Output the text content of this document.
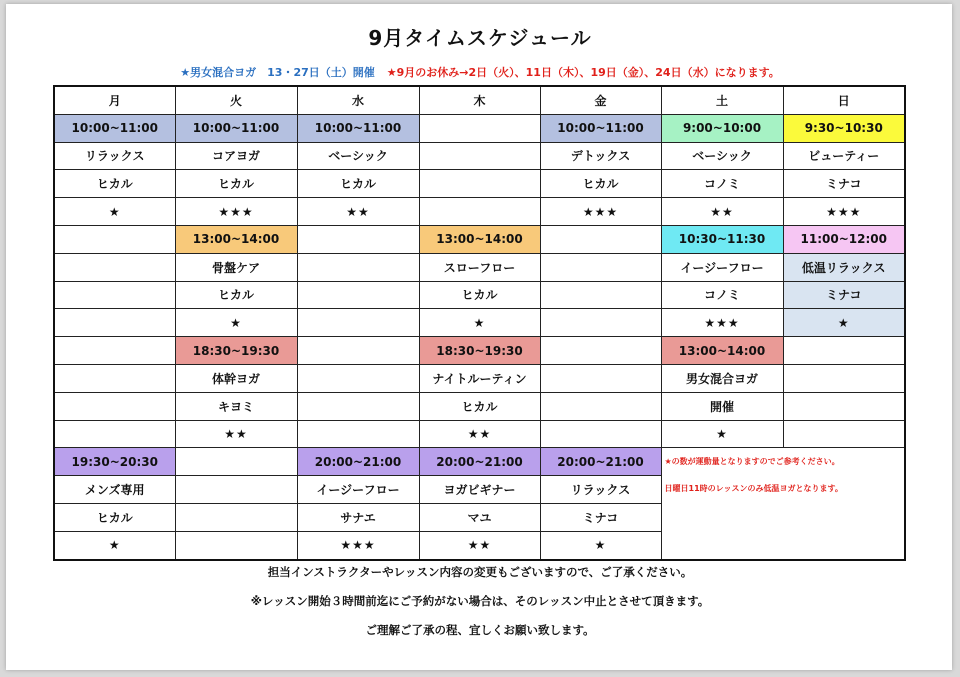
9月タイムスケジュール
★男女混合ヨガ　13・27日（土）開催 ★9月のお休み→2日（火）、11日（木）、19日（金）、24日（水）になります。
月	火	水	木	金	土	日
10:00~11:00	10:00~11:00	10:00~11:00		10:00~11:00	9:00~10:00	9:30~10:30
リラックス	コアヨガ	ベーシック		デトックス	ベーシック	ビューティー
ヒカル	ヒカル	ヒカル		ヒカル	コノミ	ミナコ
★	★★★	★★		★★★	★★	★★★
	13:00~14:00		13:00~14:00		10:30~11:30	11:00~12:00
	骨盤ケア		スローフロー		イージーフロー	低温リラックス
	ヒカル		ヒカル		コノミ	ミナコ
	★		★		★★★	★
	18:30~19:30		18:30~19:30		13:00~14:00	
	体幹ヨガ		ナイトルーティン		男女混合ヨガ	
	キヨミ		ヒカル		開催	
	★★		★★		★	
19:30~20:30		20:00~21:00	20:00~21:00	20:00~21:00	★の数が運動量となりますのでご参考ください。
日曜日11時のレッスンのみ低温ヨガとなります。	

メンズ専用		イージーフロー	ヨガビギナー	リラックス		
ヒカル		サナエ	マユ	ミナコ		
★		★★★	★★	★		
担当インストラクターやレッスン内容の変更もございますので、ご了承ください。
※レッスン開始３時間前迄にご予約がない場合は、そのレッスン中止とさせて頂きます。
ご理解ご了承の程、宜しくお願い致します。
